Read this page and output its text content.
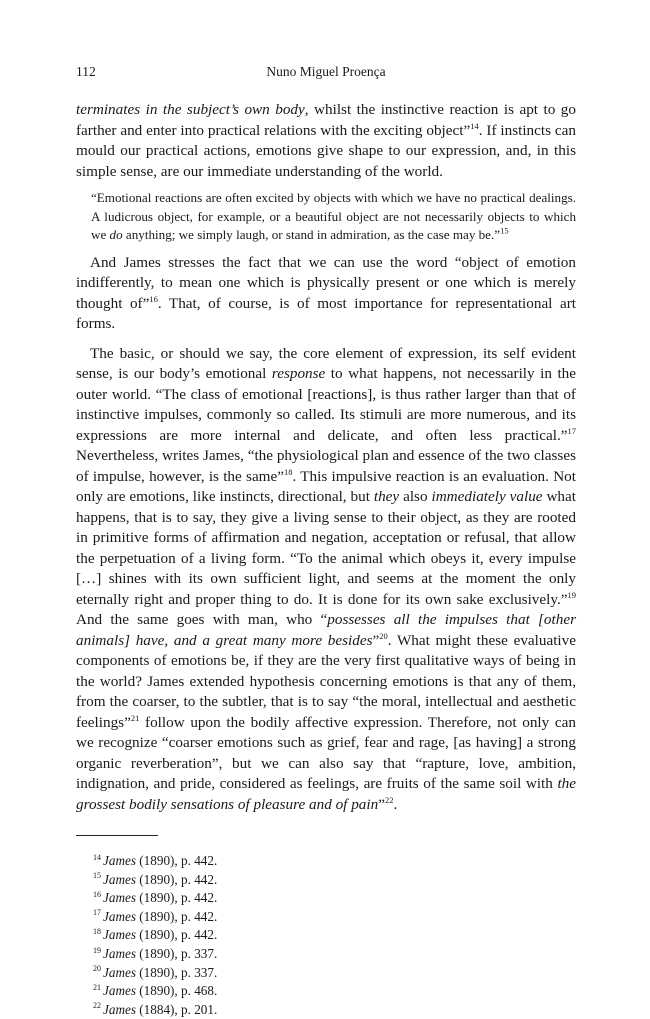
112	Nuno Miguel Proença

terminates in the subject’s own body, whilst the instinctive reaction is apt to go farther and enter into practical relations with the exciting object”$^{14}$. If instincts can mould our practical actions, emotions give shape to our expression, and, in this simple sense, are our immediate understanding of the world.

“Emotional reactions are often excited by objects with which we have no practical dealings. A ludicrous object, for example, or a beautiful object are not necessarily objects to which we do anything; we simply laugh, or stand in admiration, as the case may be.”$^{15}$

And James stresses the fact that we can use the word “object of emotion indifferently, to mean one which is physically present or one which is merely thought of”$^{16}$. That, of course, is of most importance for representational art forms.

The basic, or should we say, the core element of expression, its self evident sense, is our body’s emotional response to what happens, not necessarily in the outer world. “The class of emotional [reactions], is thus rather larger than that of instinctive impulses, commonly so called. Its stimuli are more numerous, and its expressions are more internal and delicate, and often less practical.”$^{17}$ Nevertheless, writes James, “the physiological plan and essence of the two classes of impulse, however, is the same”$^{18}$. This impulsive reaction is an evaluation. Not only are emotions, like instincts, directional, but they also immediately value what happens, that is to say, they give a living sense to their object, as they are rooted in primitive forms of affirmation and negation, acceptation or refusal, that allow the perpetuation of a living form. “To the animal which obeys it, every impulse […] shines with its own sufficient light, and seems at the moment the only eternally right and proper thing to do. It is done for its own sake exclusively.”$^{19}$ And the same goes with man, who “possesses all the impulses that [other animals] have, and a great many more besides”$^{20}$. What might these evaluative components of emotions be, if they are the very first qualitative ways of being in the world? James extended hypothesis concerning emotions is that any of them, from the coarser, to the subtler, that is to say “the moral, intellectual and aesthetic feelings”$^{21}$ follow upon the bodily affective expression. Therefore, not only can we recognize “coarser emotions such as grief, fear and rage, [as having] a strong organic reverberation”, but we can also say that “rapture, love, ambition, indignation, and pride, considered as feelings, are fruits of the same soil with the grossest bodily sensations of pleasure and of pain”$^{22}$.

$^{14}$ James (1890), p. 442.
$^{15}$ James (1890), p. 442.
$^{16}$ James (1890), p. 442.
$^{17}$ James (1890), p. 442.
$^{18}$ James (1890), p. 442.
$^{19}$ James (1890), p. 337.
$^{20}$ James (1890), p. 337.
$^{21}$ James (1890), p. 468.
$^{22}$ James (1884), p. 201.
